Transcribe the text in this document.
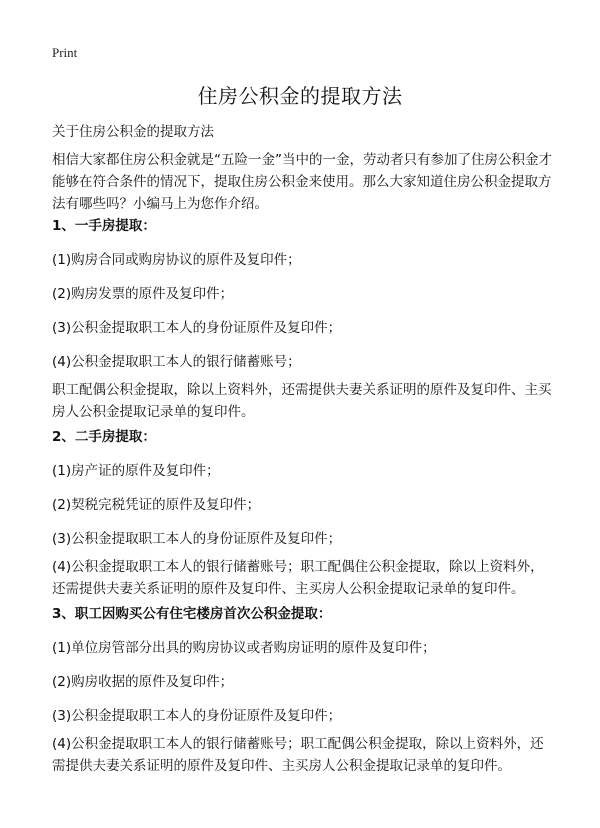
Print
住房公积金的提取方法
关于住房公积金的提取方法
相信大家都住房公积金就是“五险一金”当中的一金，劳动者只有参加了住房公积金才能够在符合条件的情况下，提取住房公积金来使用。那么大家知道住房公积金提取方法有哪些吗？小编马上为您作介绍。
1、一手房提取：
(1)购房合同或购房协议的原件及复印件；
(2)购房发票的原件及复印件；
(3)公积金提取职工本人的身份证原件及复印件；
(4)公积金提取职工本人的银行储蓄账号；
职工配偶公积金提取，除以上资料外，还需提供夫妻关系证明的原件及复印件、主买房人公积金提取记录单的复印件。
2、二手房提取：
(1)房产证的原件及复印件；
(2)契税完税凭证的原件及复印件；
(3)公积金提取职工本人的身份证原件及复印件；
(4)公积金提取职工本人的银行储蓄账号；职工配偶住公积金提取，除以上资料外，还需提供夫妻关系证明的原件及复印件、主买房人公积金提取记录单的复印件。
3、职工因购买公有住宅楼房首次公积金提取：
(1)单位房管部分出具的购房协议或者购房证明的原件及复印件；
(2)购房收据的原件及复印件；
(3)公积金提取职工本人的身份证原件及复印件；
(4)公积金提取职工本人的银行储蓄账号；职工配偶公积金提取，除以上资料外，还需提供夫妻关系证明的原件及复印件、主买房人公积金提取记录单的复印件。
